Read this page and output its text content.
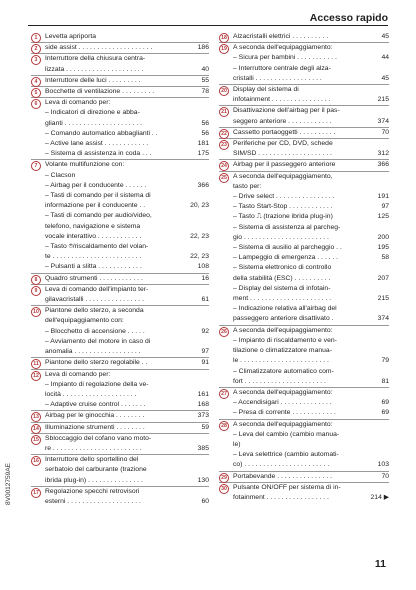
Accesso rapido
1	Levetta apriporta
2	side assist . . . . . . . . . . . . . . . . . . . .	186
3	Interruttore della chiusura centra-
lizzata . . . . . . . . . . . . . . . . . . . . .	40
4	Interruttore delle luci . . . . . . . . .	55
5	Bocchette di ventilazione . . . . . . . . .	78
6	Leva di comando per:
– Indicatori di direzione e abba-
glianti . . . . . . . . . . . . . . . . . . . . .	56
– Comando automatico abbaglianti . .	56
– Active lane assist . . . . . . . . . . . .	181
– Sistema di assistenza in coda . . .	175
7	Volante multifunzione con:
– Clacson
– Airbag per il conducente . . . . . .	366
– Tasti di comando per il sistema di
informazione per il conducente . .	20, 23
– Tasti di comando per audio/video,
telefono, navigazione e sistema
vocale interattivo . . . . . . . . . . . .	22, 23
– Tasto ⌾/riscaldamento del volan-
te . . . . . . . . . . . . . . . . . . . . . . . .	22, 23
– Pulsanti a slitta . . . . . . . . . . . .	108
8	Quadro strumenti . . . . . . . . . . . .	16
9	Leva di comando dell'impianto ter-
gilavacristalli . . . . . . . . . . . . . . . .	61
10 Piantone dello sterzo, a seconda
dell'equipaggiamento con:
– Blocchetto di accensione . . . . .	92
– Avviamento del motore in caso di
anomalia . . . . . . . . . . . . . . . . . .	97
11 Piantone dello sterzo regolabile . .	91
12 Leva di comando per:
– Impianto di regolazione della ve-
locità . . . . . . . . . . . . . . . . . . . .	161
– Adaptive cruise control . . . . . . .	168
13 Airbag per le ginocchia . . . . . . . .	373
14 Illuminazione strumenti . . . . . . . .	59
15 Sbloccaggio del cofano vano moto-
re . . . . . . . . . . . . . . . . . . . . . . . .	385
16 Interruttore dello sportellino del
serbatoio del carburante (trazione
ibrida plug-in) . . . . . . . . . . . . . . .	130
17 Regolazione specchi retrovisori
esterni . . . . . . . . . . . . . . . . . . . .	60
18 Alzacristalli elettrici . . . . . . . . . .	45
19 A seconda dell'equipaggiamento:
– Sicura per bambini . . . . . . . . . . .	44
– Interruttore centrale degli alza-
cristalli . . . . . . . . . . . . . . . . . .	45
20 Display del sistema di
infotainment . . . . . . . . . . . . . . . .	215
21 Disattivazione dell'airbag per il pas-
seggero anteriore . . . . . . . . . . . .	374
22 Cassetto portaoggetti . . . . . . . . . .	70
23 Periferiche per CD, DVD, schede
SIM/SD . . . . . . . . . . . . . . . . . . . .	312
24 Airbag per il passeggero anteriore	366
25 A seconda dell'equipaggiamento,
tasto per:
– Drive select . . . . . . . . . . . . . . . .	191
– Tasto Start-Stop . . . . . . . . . . . .	97
– Tasto ⎍ (trazione ibrida plug-in)	125
– Sistema di assistenza al parcheg-
gio . . . . . . . . . . . . . . . . . . . . . . .	200
– Sistema di ausilio al parcheggio . .	195
– Lampeggio di emergenza . . . . . .	58
– Sistema elettronico di controllo
della stabilità (ESC) . . . . . . . . . .	207
– Display del sistema di infotain-
ment . . . . . . . . . . . . . . . . . . . . . .	215
– Indicazione relativa all'airbag del
passeggero anteriore disattivato .	374
26 A seconda dell'equipaggiamento:
– Impianto di riscaldamento e ven-
tilazione o climatizzatore manua-
le . . . . . . . . . . . . . . . . . . . . . . . .	79
– Climatizzatore automatico com-
fort . . . . . . . . . . . . . . . . . . . . . .	81
27 A seconda dell'equipaggiamento:
– Accendisigari . . . . . . . . . . . . . .	69
– Presa di corrente . . . . . . . . . . . .	69
28 A seconda dell'equipaggiamento:
– Leva del cambio (cambio manua-
le)
– Leva selettrice (cambio automati-
co) . . . . . . . . . . . . . . . . . . . . . . .	103
29 Portabevande . . . . . . . . . . . . . . .	70
30 Pulsante ON/OFF per sistema di in-
fotainment . . . . . . . . . . . . . . . . .	214 ▶
8V0012759AE
11
